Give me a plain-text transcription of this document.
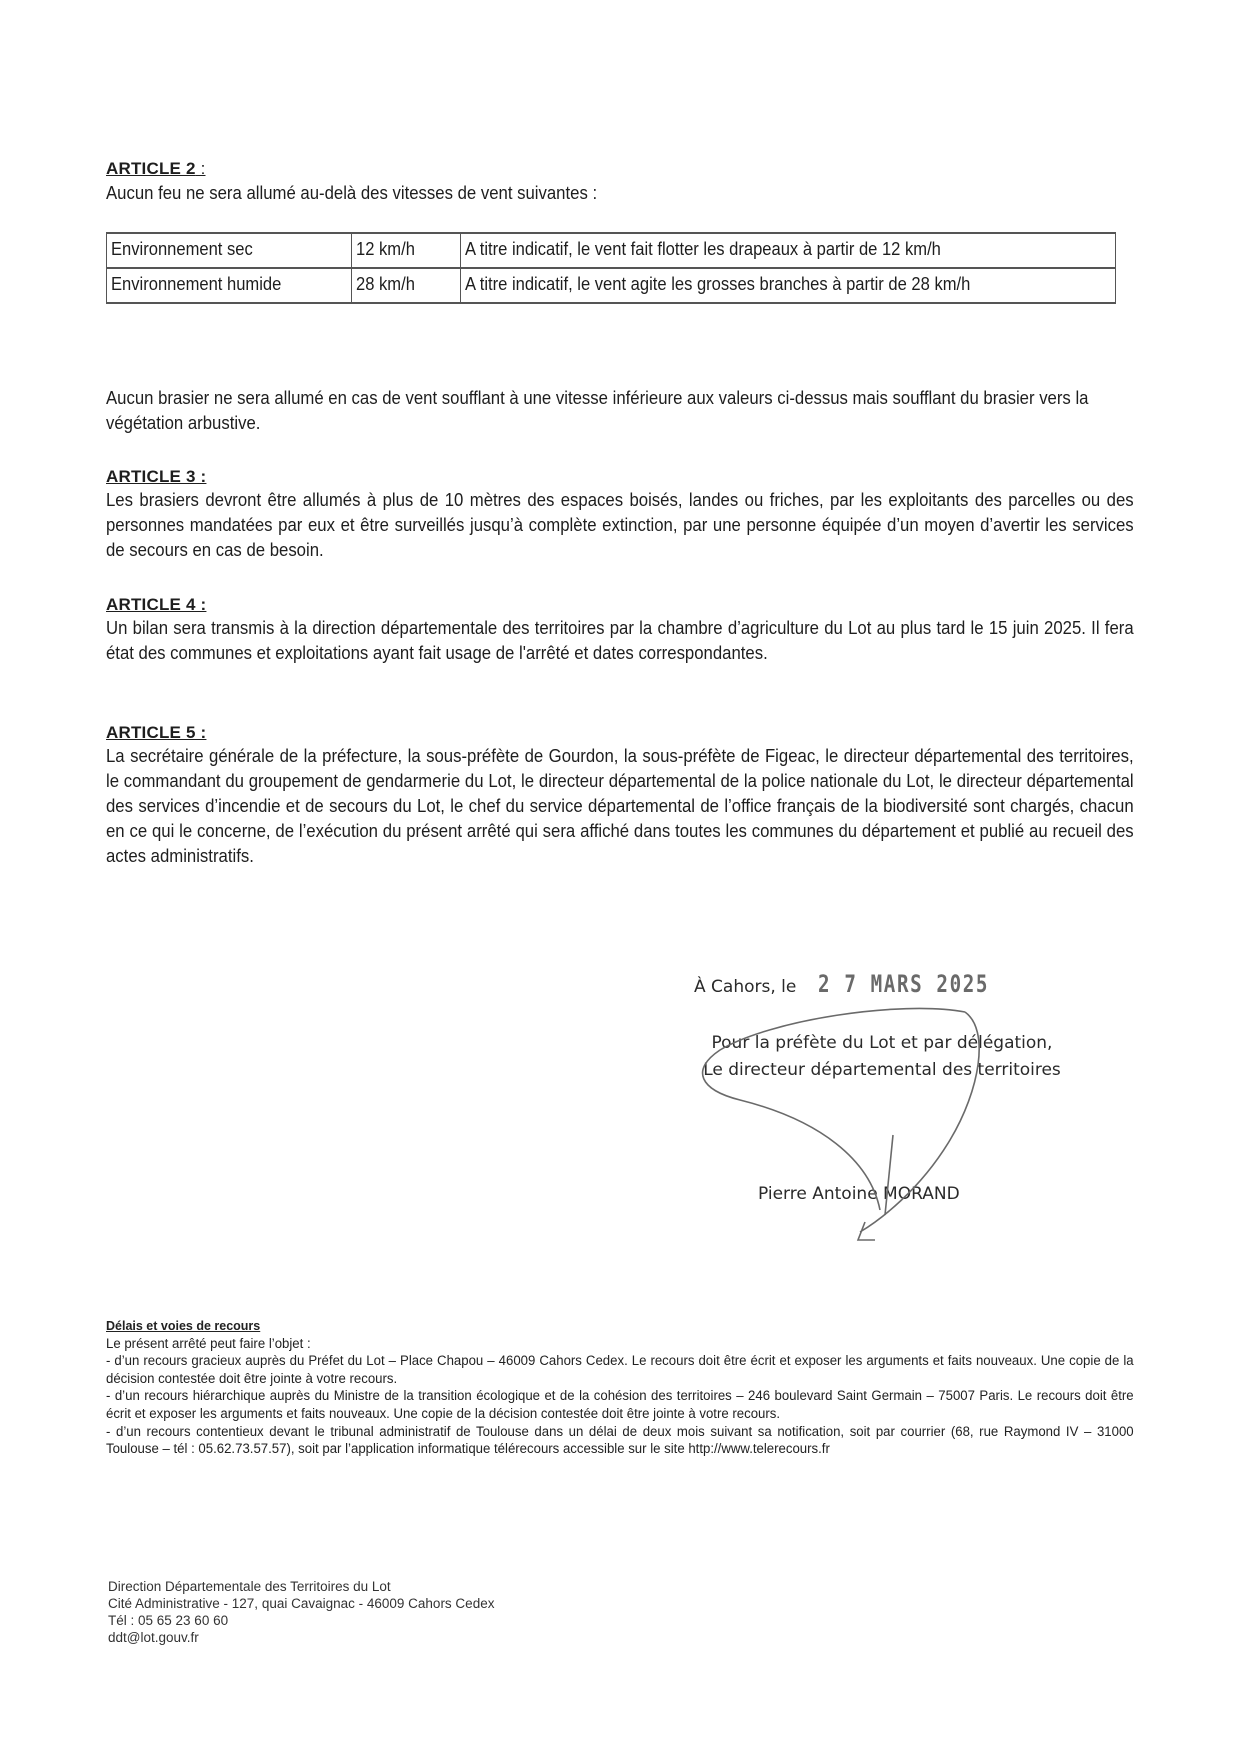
ARTICLE 2 :
Aucun feu ne sera allumé au-delà des vitesses de vent suivantes :
Environnement sec	12 km/h	A titre indicatif, le vent fait flotter les drapeaux à partir de 12 km/h
Environnement humide	28 km/h	A titre indicatif, le vent agite les grosses branches à partir de 28 km/h
Aucun brasier ne sera allumé en cas de vent soufflant à une vitesse inférieure aux valeurs ci-dessus mais soufflant du brasier vers la végétation arbustive.
ARTICLE 3 :
Les brasiers devront être allumés à plus de 10 mètres des espaces boisés, landes ou friches, par les exploitants des parcelles ou des personnes mandatées par eux et être surveillés jusqu’à complète extinction, par une personne équipée d’un moyen d’avertir les services de secours en cas de besoin.
ARTICLE 4 :
Un bilan sera transmis à la direction départementale des territoires par la chambre d’agriculture du Lot au plus tard le 15 juin 2025. Il fera état des communes et exploitations ayant fait usage de l'arrêté et dates correspondantes.
ARTICLE 5 :
La secrétaire générale de la préfecture, la sous-préfète de Gourdon, la sous-préfète de Figeac, le directeur départemental des territoires, le commandant du groupement de gendarmerie du Lot, le directeur départemental de la police nationale du Lot, le directeur départemental des services d’incendie et de secours du Lot, le chef du service départemental de l’office français de la biodiversité sont chargés, chacun en ce qui le concerne, de l’exécution du présent arrêté qui sera affiché dans toutes les communes du département et publié au recueil des actes administratifs.
À Cahors, le 2 7 MARS 2025
Pour la préfète du Lot et par délégation,
Le directeur départemental des territoires
Pierre Antoine MORAND
Délais et voies de recours
Le présent arrêté peut faire l’objet :
- d’un recours gracieux auprès du Préfet du Lot – Place Chapou – 46009 Cahors Cedex. Le recours doit être écrit et exposer les arguments et faits nouveaux. Une copie de la décision contestée doit être jointe à votre recours.
- d’un recours hiérarchique auprès du Ministre de la transition écologique et de la cohésion des territoires – 246 boulevard Saint Germain – 75007 Paris. Le recours doit être écrit et exposer les arguments et faits nouveaux. Une copie de la décision contestée doit être jointe à votre recours.
- d’un recours contentieux devant le tribunal administratif de Toulouse dans un délai de deux mois suivant sa notification, soit par courrier (68, rue Raymond IV – 31000 Toulouse – tél : 05.62.73.57.57), soit par l’application informatique télérecours accessible sur le site http://www.telerecours.fr
Direction Départementale des Territoires du Lot
Cité Administrative - 127, quai Cavaignac - 46009 Cahors Cedex
Tél : 05 65 23 60 60
ddt@lot.gouv.fr
